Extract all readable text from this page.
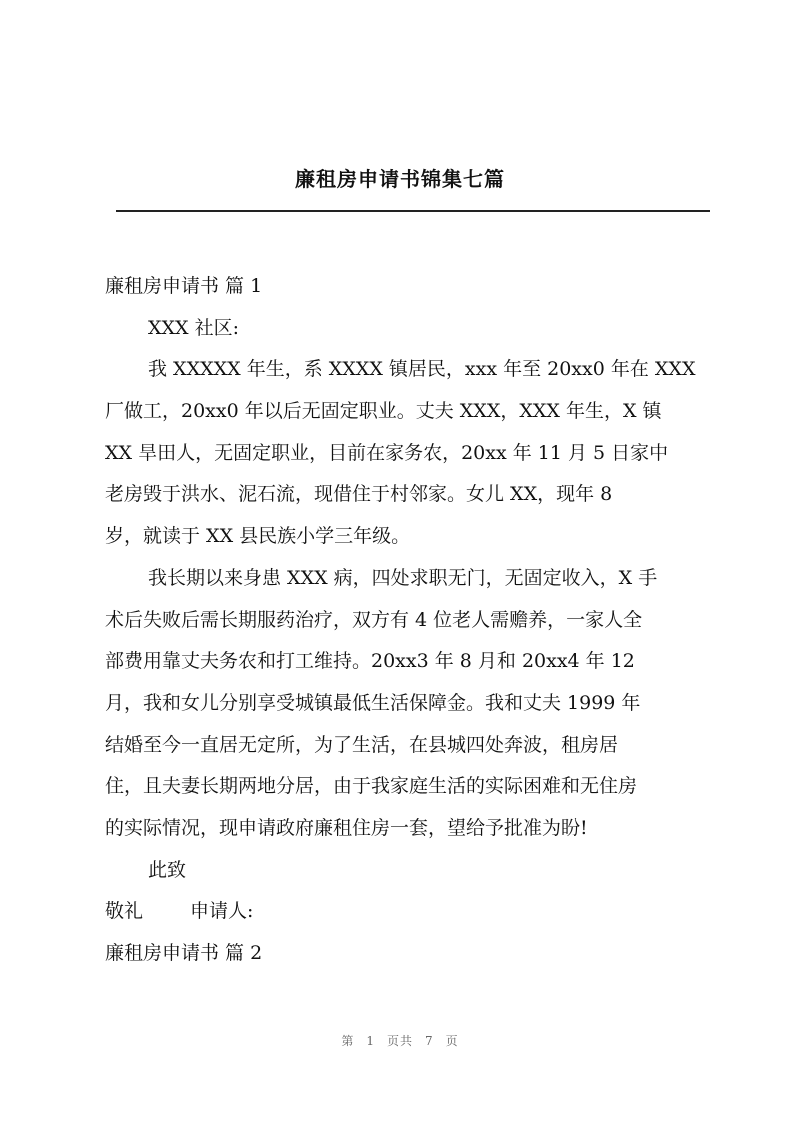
廉租房申请书锦集七篇
廉租房申请书 篇 1
XXX 社区:
我 XXXXX 年生，系 XXXX 镇居民，xxx 年至 20xx0 年在 XXX
厂做工，20xx0 年以后无固定职业。丈夫 XXX，XXX 年生，X 镇
XX 旱田人，无固定职业，目前在家务农，20xx 年 11 月 5 日家中
老房毁于洪水、泥石流，现借住于村邻家。女儿 XX，现年 8
岁，就读于 XX 县民族小学三年级。
我长期以来身患 XXX 病，四处求职无门，无固定收入，X 手
术后失败后需长期服药治疗，双方有 4 位老人需赡养，一家人全
部费用靠丈夫务农和打工维持。20xx3 年 8 月和 20xx4 年 12
月，我和女儿分别享受城镇最低生活保障金。我和丈夫 1999 年
结婚至今一直居无定所，为了生活，在县城四处奔波，租房居
住，且夫妻长期两地分居，由于我家庭生活的实际困难和无住房
的实际情况，现申请政府廉租住房一套，望给予批准为盼!
此致
敬礼 申请人:
廉租房申请书 篇 2
第 1 页共 7 页
